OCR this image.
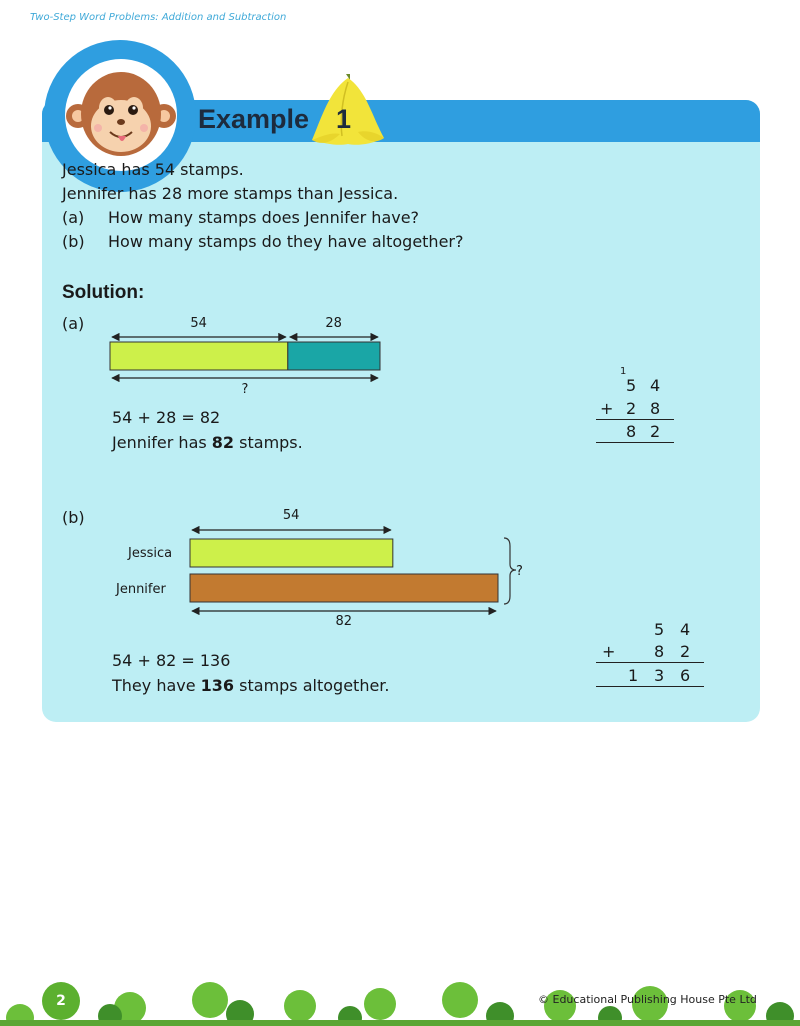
Two-Step Word Problems: Addition and Subtraction
Example 1
Jessica has 54 stamps.
Jennifer has 28 more stamps than Jessica.
(a) How many stamps does Jennifer have?
(b) How many stamps do they have altogether?
Solution:
(a)	54	28
?
54 + 28 = 82
Jennifer has 82 stamps.
1
5 4
+ 2 8
8 2
(b)
Jessica
Jennifer
54
82
?
54 + 82 = 136
They have 136 stamps altogether.
5 4
+ 8 2
1 3 6
2	© Educational Publishing House Pte Ltd
